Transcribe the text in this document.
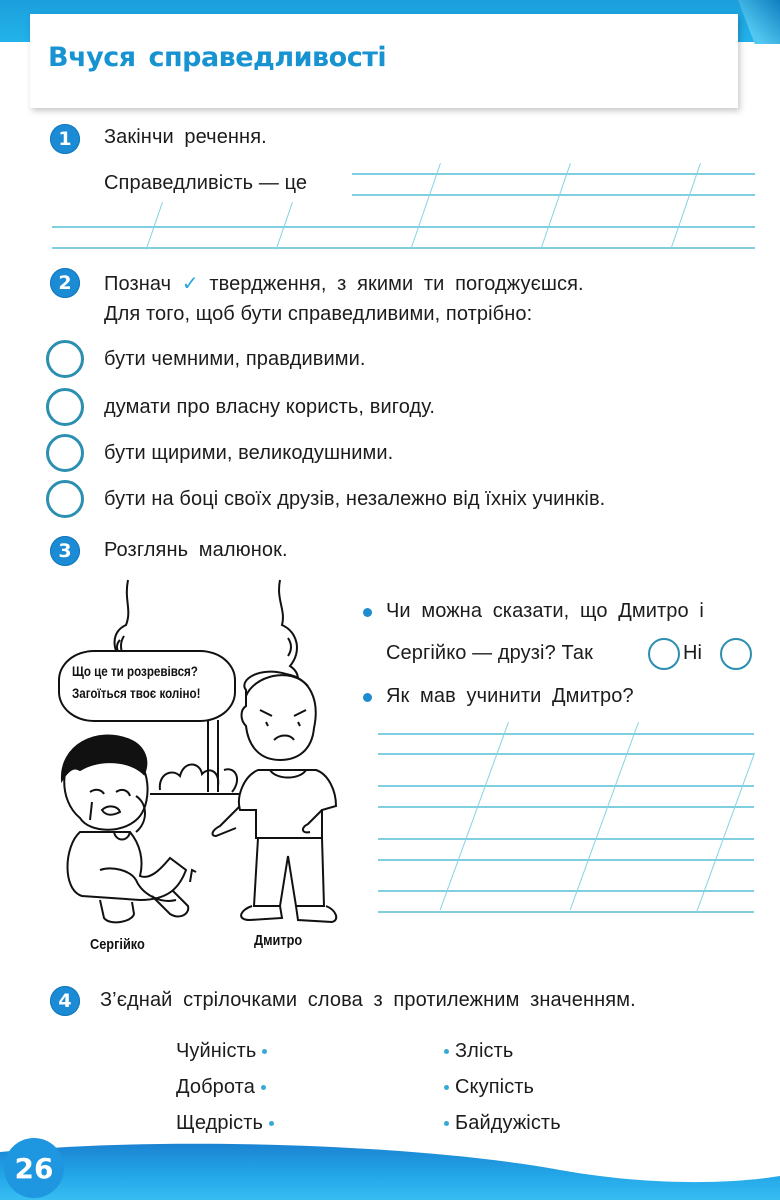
Вчуся справедливості
1	Закінчи речення.
Справедливість — це
2	Познач ✓ твердження, з якими ти погоджуєшся.
Для того, щоб бути справедливими, потрібно:
бути чемними, правдивими.
думати про власну користь, вигоду.
бути щирими, великодушними.
бути на боці своїх друзів, незалежно від їхніх учинків.
3	Розглянь малюнок.
Що це ти розревівся?
Загоїться твоє коліно!
Сергійко	Дмитро
Чи можна сказати, що Дмитро і
Сергійко — друзі? Так	Ні
Як мав учинити Дмитро?
4	З’єднай стрілочками слова з протилежним значенням.
Чуйність
Доброта
Щедрість
Злість
Скупість
Байдужість
26
